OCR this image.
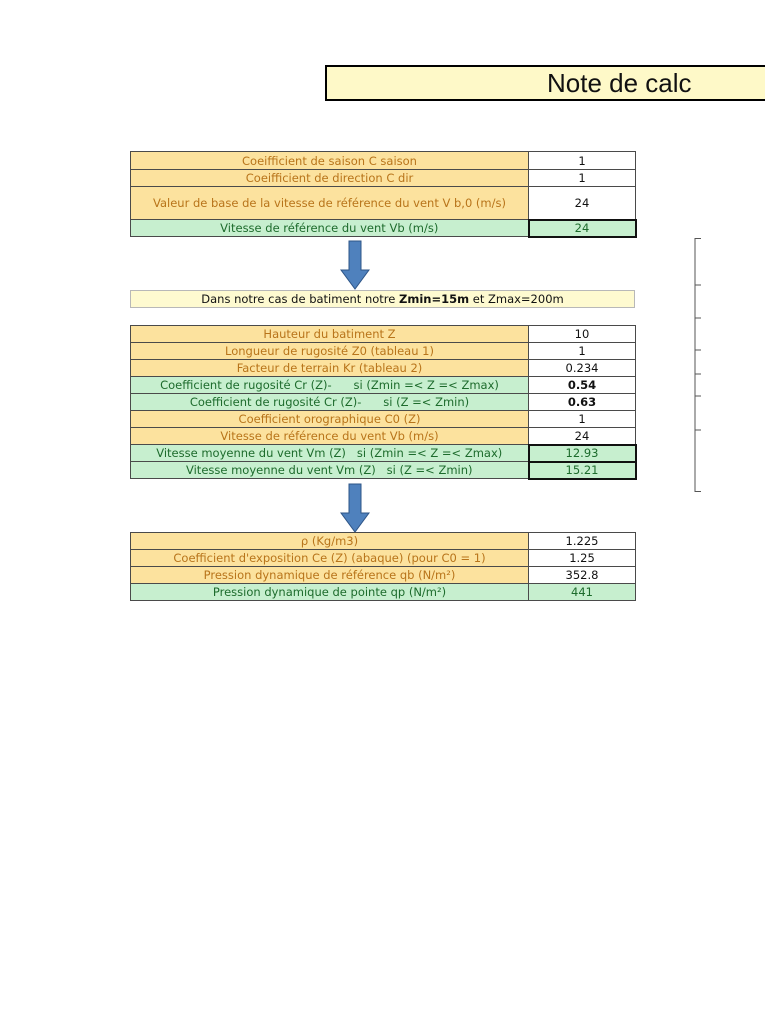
Note de calc
Coeifficient de saison C saison	1
Coeifficient de direction C dir	1
Valeur de base de la vitesse de référence du vent V b,0 (m/s)	24
Vitesse de référence du vent Vb (m/s)	24
Dans notre cas de batiment notre Zmin=15m et Zmax=200m
Hauteur du batiment Z	10
Longueur de rugosité Z0 (tableau 1)	1
Facteur de terrain Kr (tableau 2)	0.234
Coefficient de rugosité Cr (Z)-      si (Zmin =< Z =< Zmax)	0.54
Coefficient de rugosité Cr (Z)-      si (Z =< Zmin)	0.63
Coefficient orographique C0 (Z)	1
Vitesse de référence du vent Vb (m/s)	24
Vitesse moyenne du vent Vm (Z)   si (Zmin =< Z =< Zmax)	12.93
Vitesse moyenne du vent Vm (Z)   si (Z =< Zmin)	15.21
ρ (Kg/m3)	1.225
Coefficient d'exposition Ce (Z) (abaque) (pour C0 = 1)	1.25
Pression dynamique de référence qb (N/m²)	352.8
Pression dynamique de pointe qp (N/m²)	441
